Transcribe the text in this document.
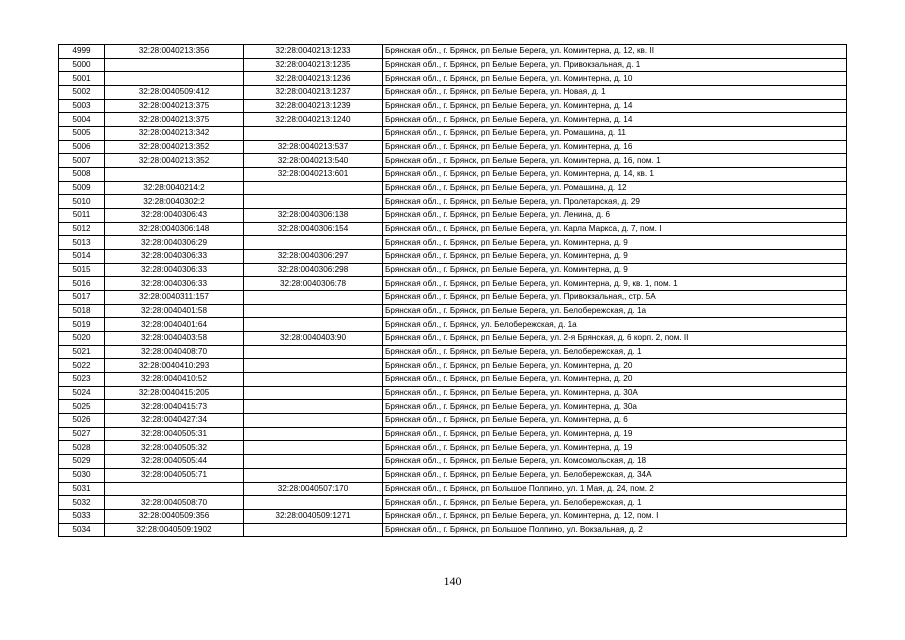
4999	32:28:0040213:356	32:28:0040213:1233	Брянская обл., г. Брянск, рп Белые Берега, ул. Коминтерна, д. 12, кв. II
5000		32:28:0040213:1235	Брянская обл., г. Брянск, рп Белые Берега, ул. Привокзальная, д. 1
5001		32:28:0040213:1236	Брянская обл., г. Брянск, рп Белые Берега, ул. Коминтерна, д. 10
5002	32:28:0040509:412	32:28:0040213:1237	Брянская обл., г. Брянск, рп Белые Берега, ул. Новая, д. 1
5003	32:28:0040213:375	32:28:0040213:1239	Брянская обл., г. Брянск, рп Белые Берега, ул. Коминтерна, д. 14
5004	32:28:0040213:375	32:28:0040213:1240	Брянская обл., г. Брянск, рп Белые Берега, ул. Коминтерна, д. 14
5005	32:28:0040213:342		Брянская обл., г. Брянск, рп Белые Берега, ул. Ромашина, д. 11
5006	32:28:0040213:352	32:28:0040213:537	Брянская обл., г. Брянск, рп Белые Берега, ул. Коминтерна, д. 16
5007	32:28:0040213:352	32:28:0040213:540	Брянская обл., г. Брянск, рп Белые Берега, ул. Коминтерна, д. 16, пом. 1
5008		32:28:0040213:601	Брянская обл., г. Брянск, рп Белые Берега, ул. Коминтерна, д. 14, кв. 1
5009	32:28:0040214:2		Брянская обл., г. Брянск, рп Белые Берега, ул. Ромашина, д. 12
5010	32:28:0040302:2		Брянская обл., г. Брянск, рп Белые Берега, ул. Пролетарская, д. 29
5011	32:28:0040306:43	32:28:0040306:138	Брянская обл., г. Брянск, рп Белые Берега, ул. Ленина, д. 6
5012	32:28:0040306:148	32:28:0040306:154	Брянская обл., г. Брянск, рп Белые Берега, ул. Карла Маркса, д. 7, пом. I
5013	32:28:0040306:29		Брянская обл., г. Брянск, рп Белые Берега, ул. Коминтерна, д. 9
5014	32:28:0040306:33	32:28:0040306:297	Брянская обл., г. Брянск, рп Белые Берега, ул. Коминтерна, д. 9
5015	32:28:0040306:33	32:28:0040306:298	Брянская обл., г. Брянск, рп Белые Берега, ул. Коминтерна, д. 9
5016	32:28:0040306:33	32:28:0040306:78	Брянская обл., г. Брянск, рп Белые Берега, ул. Коминтерна, д. 9, кв. 1, пом. 1
5017	32:28:0040311:157		Брянская обл., г. Брянск, рп Белые Берега, ул. Привокзальная,, стр. 5А
5018	32:28:0040401:58		Брянская обл., г. Брянск, рп Белые Берега, ул. Белобережская, д. 1а
5019	32:28:0040401:64		Брянская обл., г. Брянск, ул. Белобережская, д. 1а
5020	32:28:0040403:58	32:28:0040403:90	Брянская обл., г. Брянск, рп Белые Берега, ул. 2-я Брянская, д. 6 корп. 2, пом. II
5021	32:28:0040408:70		Брянская обл., г. Брянск, рп Белые Берега, ул. Белобережская, д. 1
5022	32:28:0040410:293		Брянская обл., г. Брянск, рп Белые Берега, ул. Коминтерна, д. 20
5023	32:28:0040410:52		Брянская обл., г. Брянск, рп Белые Берега, ул. Коминтерна, д. 20
5024	32:28:0040415:205		Брянская обл., г. Брянск, рп Белые Берега, ул. Коминтерна, д. 30А
5025	32:28:0040415:73		Брянская обл., г. Брянск, рп Белые Берега, ул. Коминтерна, д. 30а
5026	32:28:0040427:34		Брянская обл., г. Брянск, рп Белые Берега, ул. Коминтерна, д. 6
5027	32:28:0040505:31		Брянская обл., г. Брянск, рп Белые Берега, ул. Коминтерна, д. 19
5028	32:28:0040505:32		Брянская обл., г. Брянск, рп Белые Берега, ул. Коминтерна, д. 19
5029	32:28:0040505:44		Брянская обл., г. Брянск, рп Белые Берега, ул. Комсомольская, д. 18
5030	32:28:0040505:71		Брянская обл., г. Брянск, рп Белые Берега, ул. Белобережская, д. 34А
5031		32:28:0040507:170	Брянская обл., г. Брянск, рп Большое Полпино, ул. 1 Мая, д. 24, пом. 2
5032	32:28:0040508:70		Брянская обл., г. Брянск, рп Белые Берега, ул. Белобережская, д. 1
5033	32:28:0040509:356	32:28:0040509:1271	Брянская обл., г. Брянск, рп Белые Берега, ул. Коминтерна, д. 12, пом. I
5034	32:28:0040509:1902		Брянская обл., г. Брянск, рп Большое Полпино, ул. Вокзальная, д. 2
140
